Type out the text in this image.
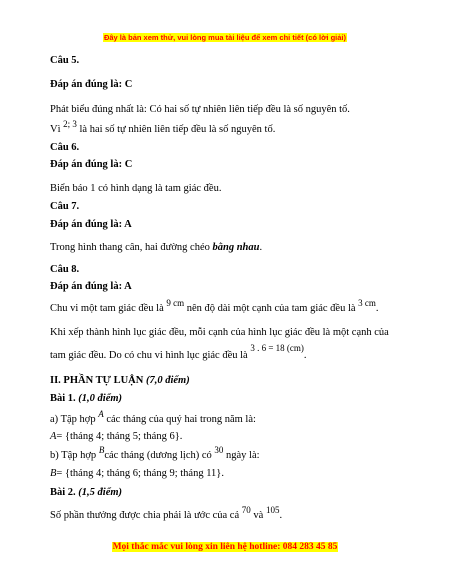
Đây là bản xem thử, vui lòng mua tài liệu để xem chi tiết (có lời giải)
Câu 5.
Đáp án đúng là: C
Phát biểu đúng nhất là: Có hai số tự nhiên liên tiếp đều là số nguyên tố.
Vì 2; 3 là hai số tự nhiên liên tiếp đều là số nguyên tố.
Câu 6.
Đáp án đúng là: C
Biển báo 1 có hình dạng là tam giác đều.
Câu 7.
Đáp án đúng là: A
Trong hình thang cân, hai đường chéo bằng nhau.
Câu 8.
Đáp án đúng là: A
Chu vi một tam giác đều là 9 cm nên độ dài một cạnh của tam giác đều là 3 cm.
Khi xếp thành hình lục giác đều, mỗi cạnh của hình lục giác đều là một cạnh của
tam giác đều. Do có chu vi hình lục giác đều là 3 . 6 = 18 (cm).
II. PHẦN TỰ LUẬN (7,0 điểm)
Bài 1. (1,0 điểm)
a) Tập hợp A các tháng của quý hai trong năm là:
A= {tháng 4; tháng 5; tháng 6}.
b) Tập hợp Bcác tháng (dương lịch) có 30 ngày là:
B= {tháng 4; tháng 6; tháng 9; tháng 11}.
Bài 2. (1,5 điểm)
Số phần thưởng được chia phải là ước của cả 70 và 105.
Mọi thắc mắc vui lòng xin liên hệ hotline: 084 283 45 85
